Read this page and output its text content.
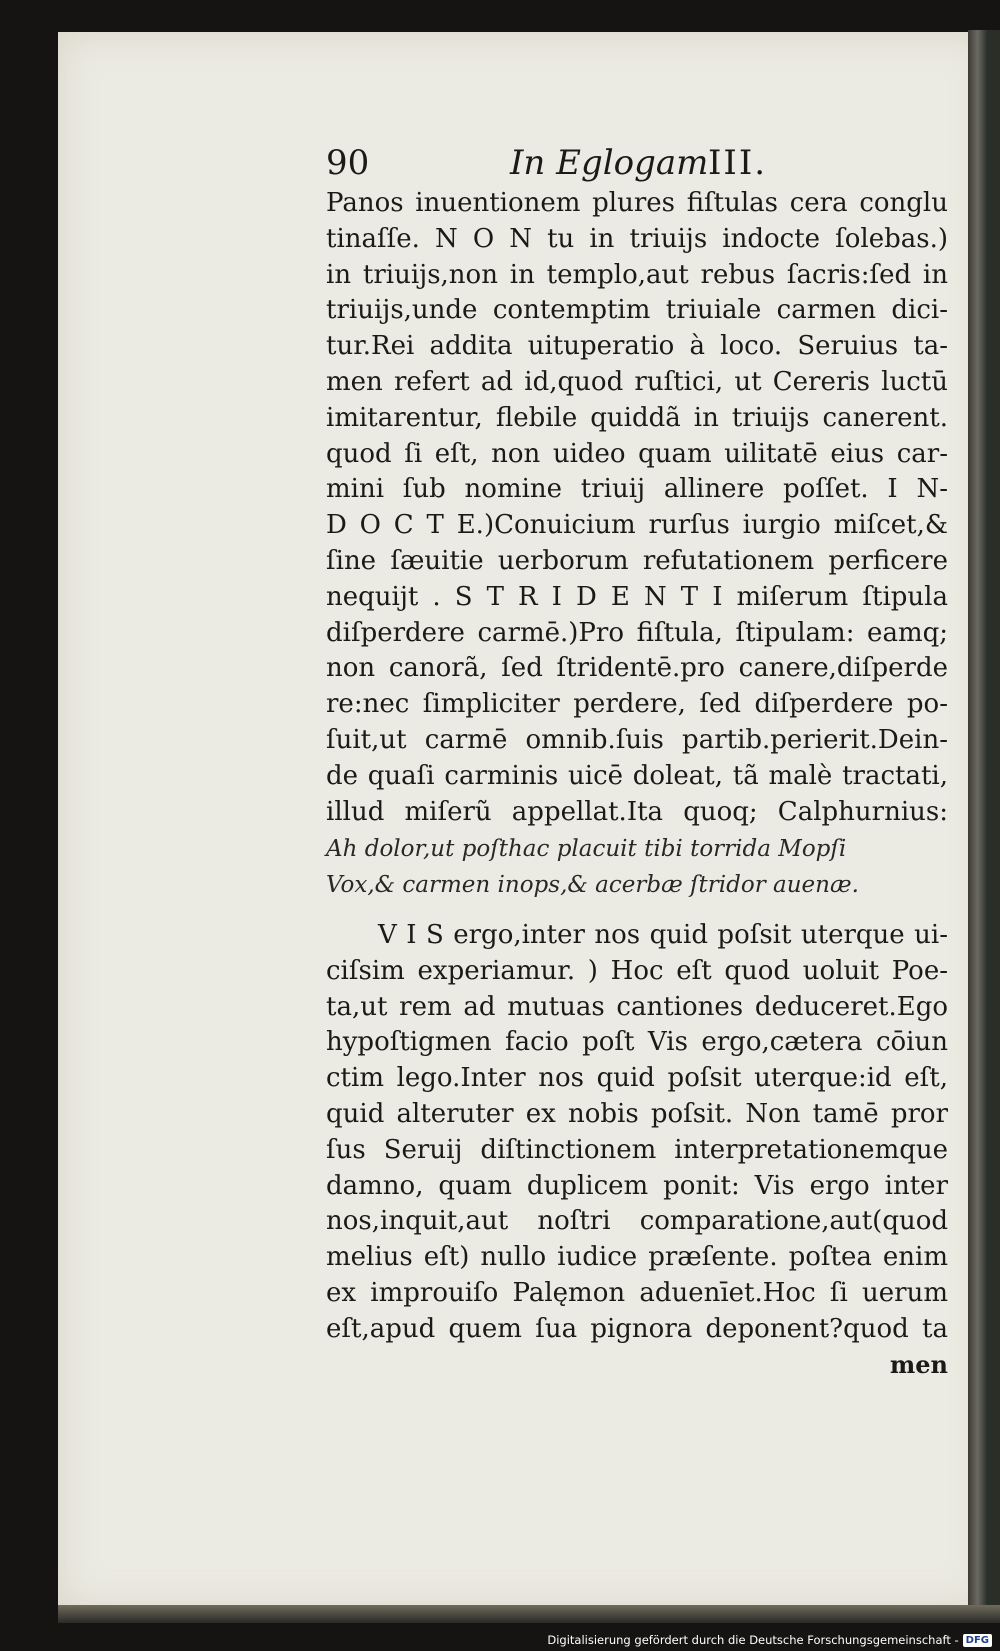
90	In Eglogam III.
Panos inuentionem plures fiſtulas cera conglu
tinaſſe. N O N tu in triuijs indocte ſolebas.)
in triuijs,non in templo,aut rebus ſacris:ſed in
triuijs,unde contemptim triuiale carmen dici-
tur.Rei addita uituperatio à loco. Seruius ta-
men refert ad id,quod ruſtici, ut Cereris luctū
imitarentur, flebile quiddã in triuijs canerent.
quod ſi eſt, non uideo quam uilitatē eius car-
mini ſub nomine triuij allinere poſſet. I N-
D O C T E.)Conuicium rurſus iurgio miſcet,&
ſine ſæuitie uerborum refutationem perficere
nequijt . S T R I D E N T I miſerum ſtipula
diſperdere carmē.)Pro fiſtula, ſtipulam: eamq;
non canorã, ſed ſtridentē.pro canere,diſperde
re:nec ſimpliciter perdere, ſed diſperdere po-
ſuit,ut carmē omnib.ſuis partib.perierit.Dein-
de quaſi carminis uicē doleat, tã malè tractati,
illud miſerũ appellat.Ita quoq; Calphurnius:
Ah dolor,ut poſthac placuit tibi torrida Mopſi
Vox,& carmen inops,& acerbæ ſtridor auenæ.
V I S ergo,inter nos quid poſsit uterque ui-
ciſsim experiamur. ) Hoc eſt quod uoluit Poe-
ta,ut rem ad mutuas cantiones deduceret.Ego
hypoſtigmen facio poſt Vis ergo,cætera cōiun
ctim lego.Inter nos quid poſsit uterque:id eſt,
quid alteruter ex nobis poſsit. Non tamē pror
ſus Seruij diſtinctionem interpretationemque
damno, quam duplicem ponit: Vis ergo inter
nos,inquit,aut noſtri comparatione,aut(quod
melius eſt) nullo iudice præſente. poſtea enim
ex improuiſo Palęmon aduenīet.Hoc ſi uerum
eſt,apud quem ſua pignora deponent?quod ta
men
Digitalisierung gefördert durch die Deutsche Forschungsgemeinschaft - DFG
